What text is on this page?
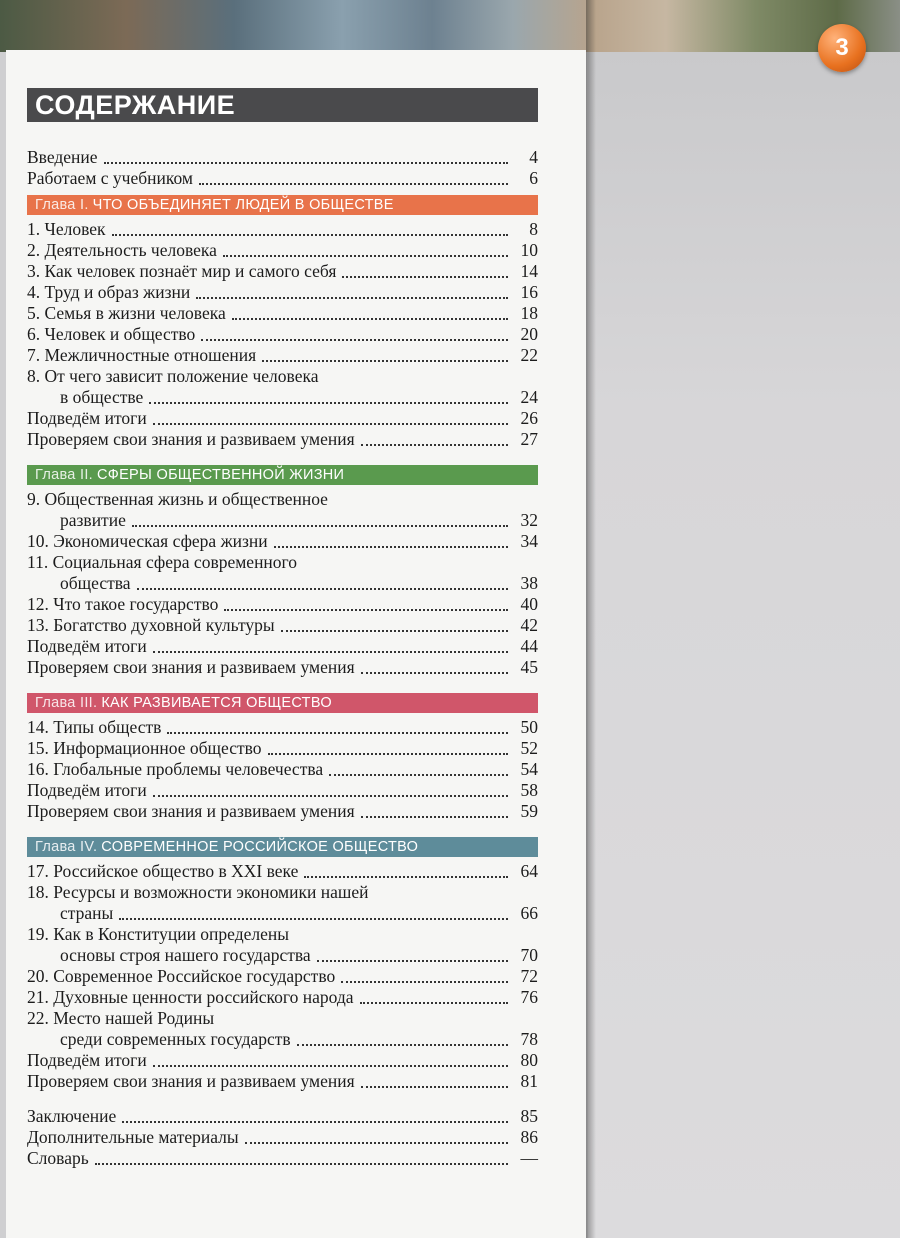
3
СОДЕРЖАНИЕ
Введение	4
Работаем с учебником	6
Глава I. ЧТО ОБЪЕДИНЯЕТ ЛЮДЕЙ В ОБЩЕСТВЕ
1. Человек	8
2. Деятельность человека	10
3. Как человек познаёт мир и самого себя	14
4. Труд и образ жизни	16
5. Семья в жизни человека	18
6. Человек и общество	20
7. Межличностные отношения	22
8. От чего зависит положение человека
в обществе	24
Подведём итоги	26
Проверяем свои знания и развиваем умения	27
Глава II. СФЕРЫ ОБЩЕСТВЕННОЙ ЖИЗНИ
9. Общественная жизнь и общественное
развитие	32
10. Экономическая сфера жизни	34
11. Социальная сфера современного
общества	38
12. Что такое государство	40
13. Богатство духовной культуры	42
Подведём итоги	44
Проверяем свои знания и развиваем умения	45
Глава III. КАК РАЗВИВАЕТСЯ ОБЩЕСТВО
14. Типы обществ	50
15. Информационное общество	52
16. Глобальные проблемы человечества	54
Подведём итоги	58
Проверяем свои знания и развиваем умения	59
Глава IV. СОВРЕМЕННОЕ РОССИЙСКОЕ ОБЩЕСТВО
17. Российское общество в XXI веке	64
18. Ресурсы и возможности экономики нашей
страны	66
19. Как в Конституции определены
основы строя нашего государства	70
20. Современное Российское государство	72
21. Духовные ценности российского народа	76
22. Место нашей Родины
среди современных государств	78
Подведём итоги	80
Проверяем свои знания и развиваем умения	81
Заключение	85
Дополнительные материалы	86
Словарь	—
